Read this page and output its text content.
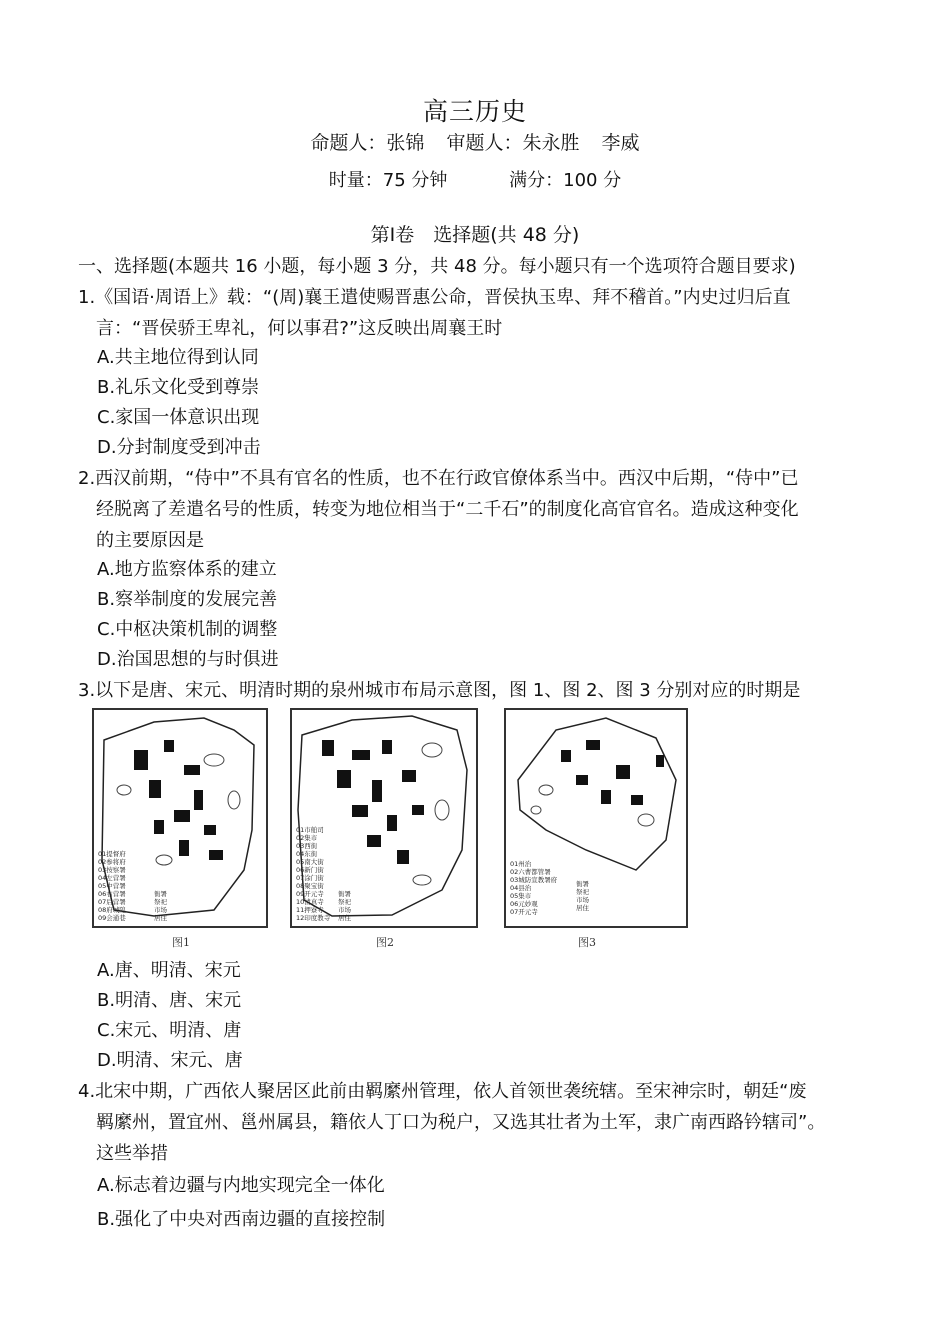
高三历史
命题人：张锦 审题人：朱永胜 李威
时量：75 分钟	满分：100 分
第Ⅰ卷　选择题(共 48 分)
一、选择题(本题共 16 小题，每小题 3 分，共 48 分。每小题只有一个选项符合题目要求)
1.《国语·周语上》载：“(周)襄王遣使赐晋惠公命，晋侯执玉卑、拜不稽首。”内史过归后直
言：“晋侯骄王卑礼，何以事君?”这反映出周襄王时
A.共主地位得到认同
B.礼乐文化受到尊崇
C.家国一体意识出现
D.分封制度受到冲击
2.西汉前期，“侍中”不具有官名的性质，也不在行政官僚体系当中。西汉中后期，“侍中”已
经脱离了差遣名号的性质，转变为地位相当于“二千石”的制度化高官官名。造成这种变化
的主要原因是
A.地方监察体系的建立
B.察举制度的发展完善
C.中枢决策机制的调整
D.治国思想的与时俱进
3.以下是唐、宋元、明清时期的泉州城市布局示意图，图 1、图 2、图 3 分别对应的时期是
01提督府
02参将府
03按察署
04左营署
05中营署
06右营署
07后营署
08府城隍
09会通巷
衙署
祭祀
市场
居住
图1
01市舶司
02集市
03西街
04东街
05南大街
06新门街
07涂门街
08聚宝街
09开元寺
10清真寺
11押寮寺
12印度教寺
衙署
祭祀
市场
居住
图2
01州治
02六曹都管署
03城防宣教署府
04县治
05集市
06元妙观
07开元寺
衙署
祭祀
市场
居住
图3
A.唐、明清、宋元
B.明清、唐、宋元
C.宋元、明清、唐
D.明清、宋元、唐
4.北宋中期，广西依人聚居区此前由羁縻州管理，依人首领世袭统辖。至宋神宗时，朝廷“废
羁縻州，置宜州、邕州属县，籍依人丁口为税户，又选其壮者为土军，隶广南西路钤辖司”。
这些举措
A.标志着边疆与内地实现完全一体化
B.强化了中央对西南边疆的直接控制
